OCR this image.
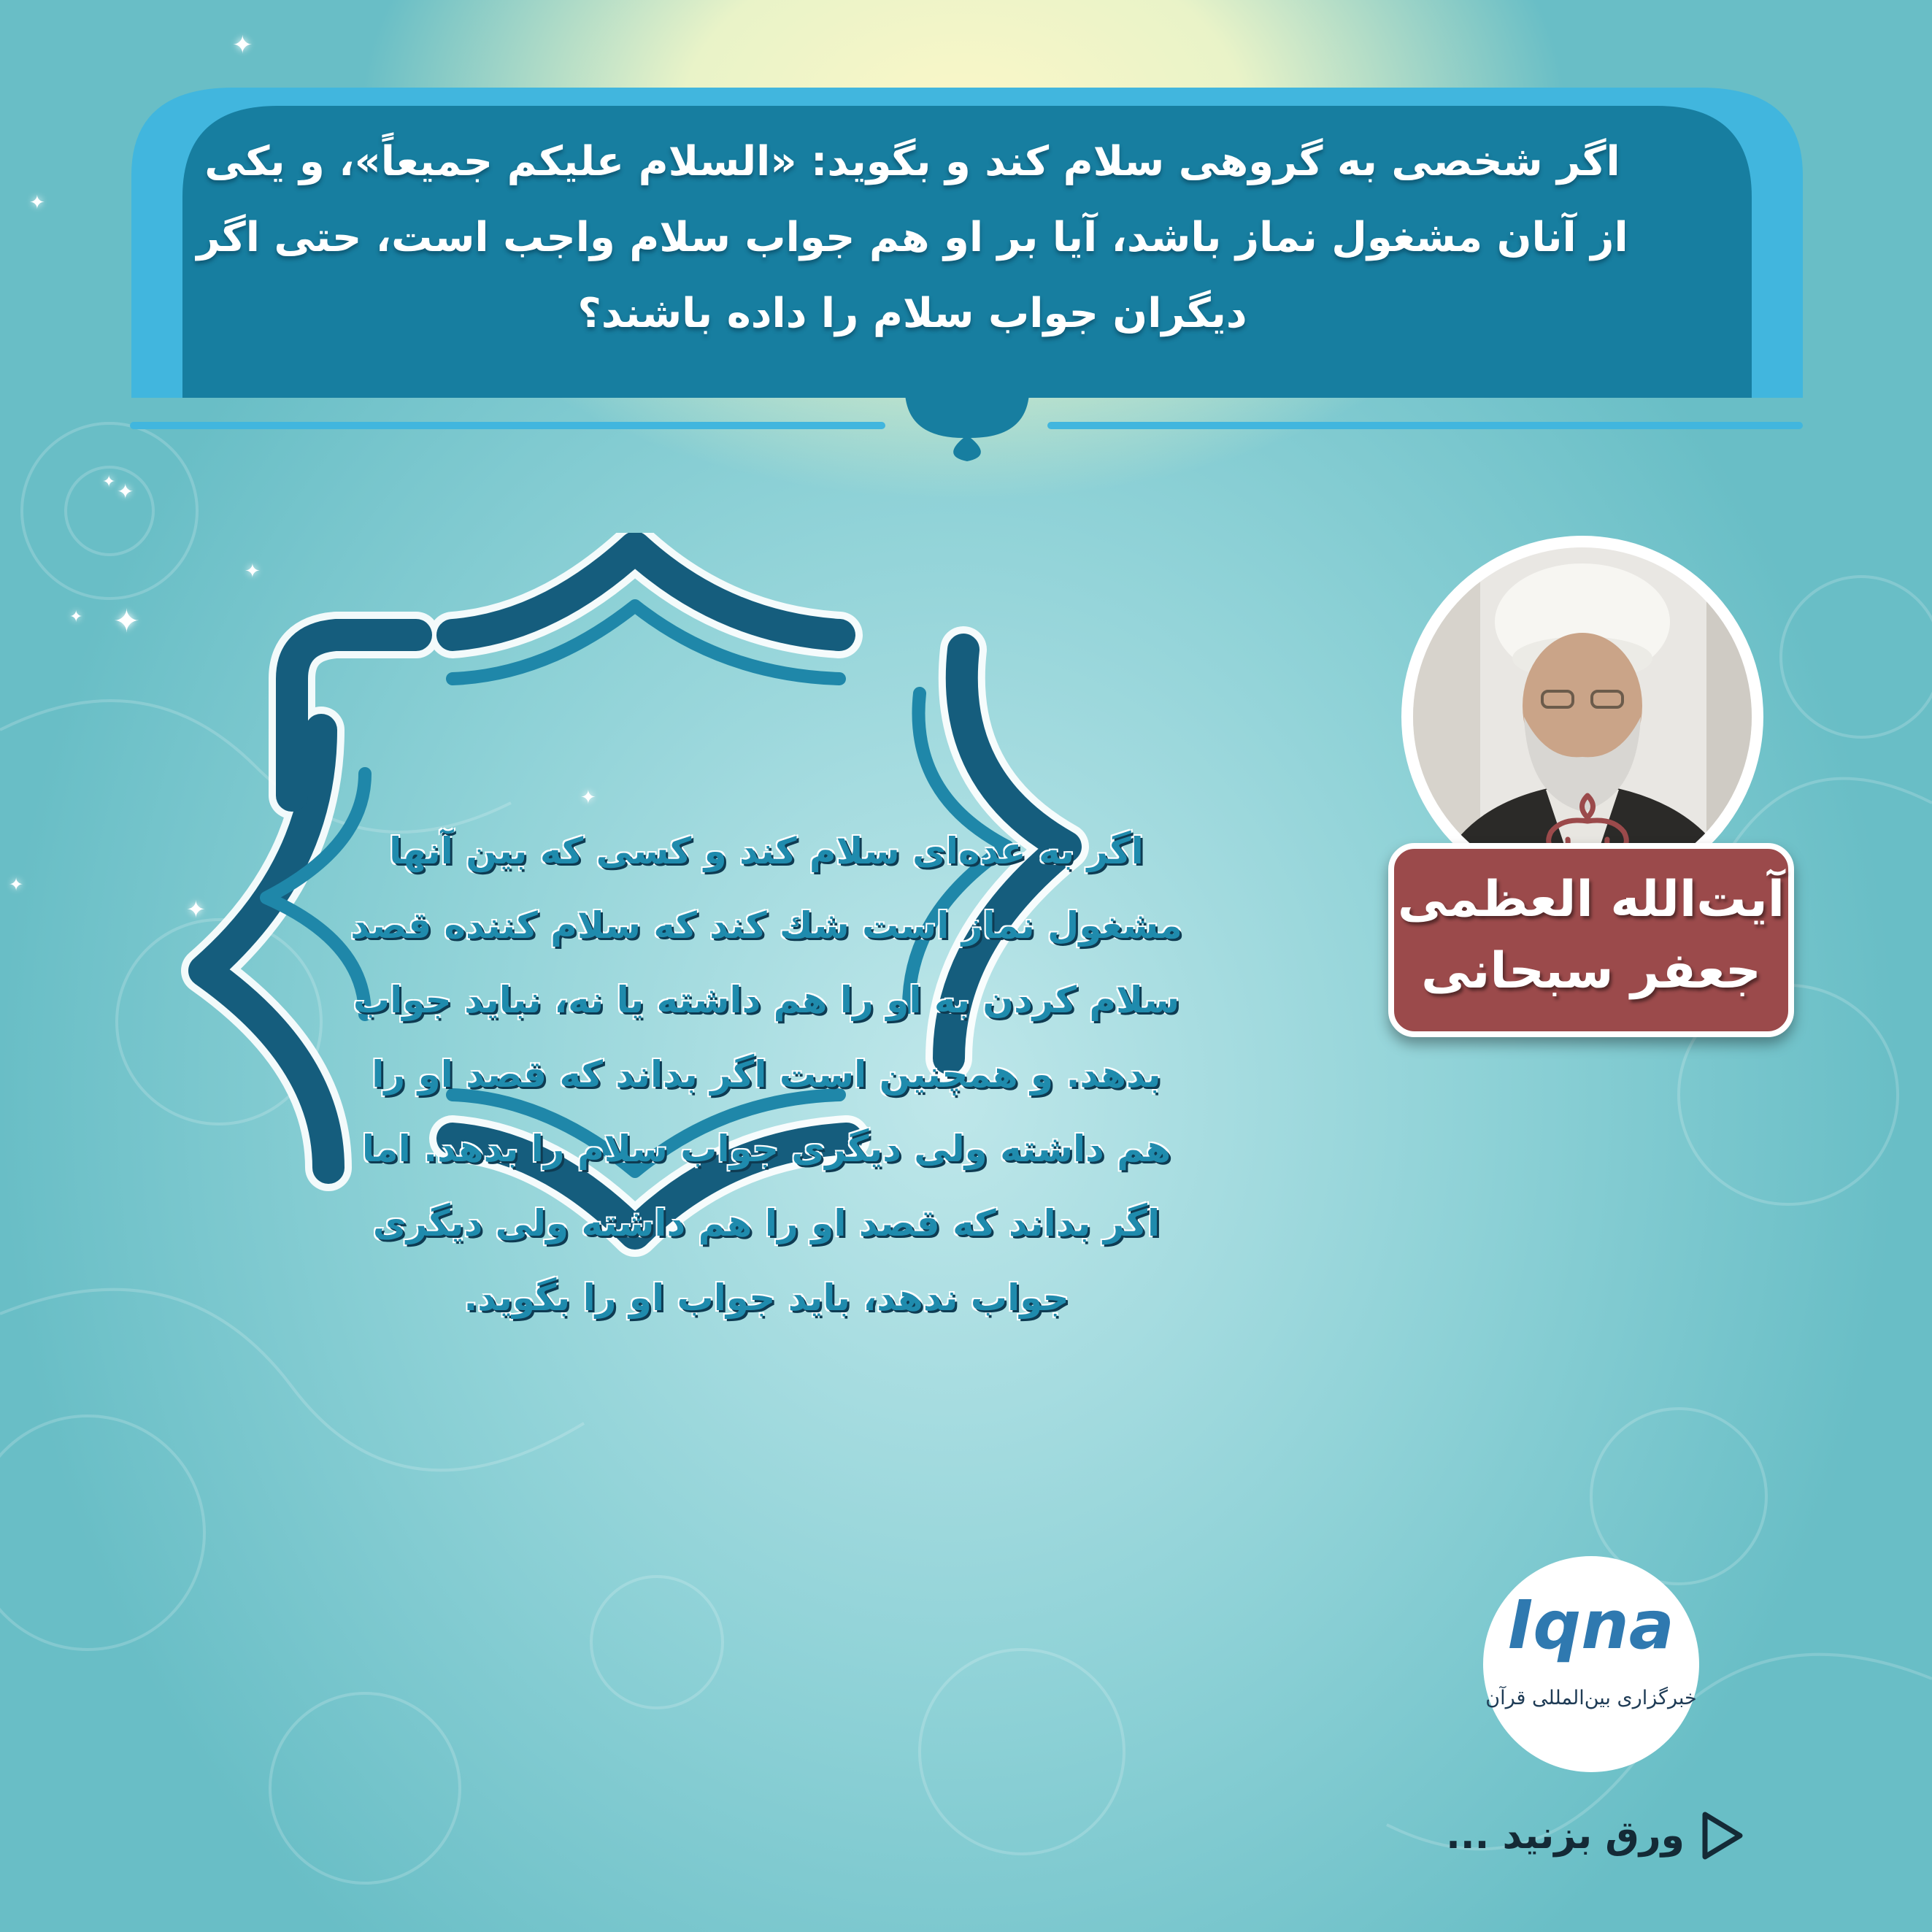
✦
✦
✦
✦
✦
✦
✦
✦
✦
✦
اگر شخصی به گروهی سلام کند و بگوید: «السلام علیکم جمیعاً»، و یکی از آنان مشغول نماز باشد، آیا بر او هم جواب سلام واجب است، حتی اگر دیگران جواب سلام را داده باشند؟
اگر به عده‌ای سلام کند و کسی که بین آنها مشغول نماز است شك کند که سلام کننده قصد سلام کردن به او را هم داشته یا نه، نباید جواب بدهد. و همچنین است اگر بداند که قصد او را هم داشته ولی دیگری جواب سلام را بدهد. اما اگر بداند که قصد او را هم داشته ولی دیگری جواب ندهد، باید جواب او را بگوید.
آیت‌الله العظمی
جعفر سبحانی
Iqna
خبرگزاری بین‌المللی قرآن
ورق بزنید ...
